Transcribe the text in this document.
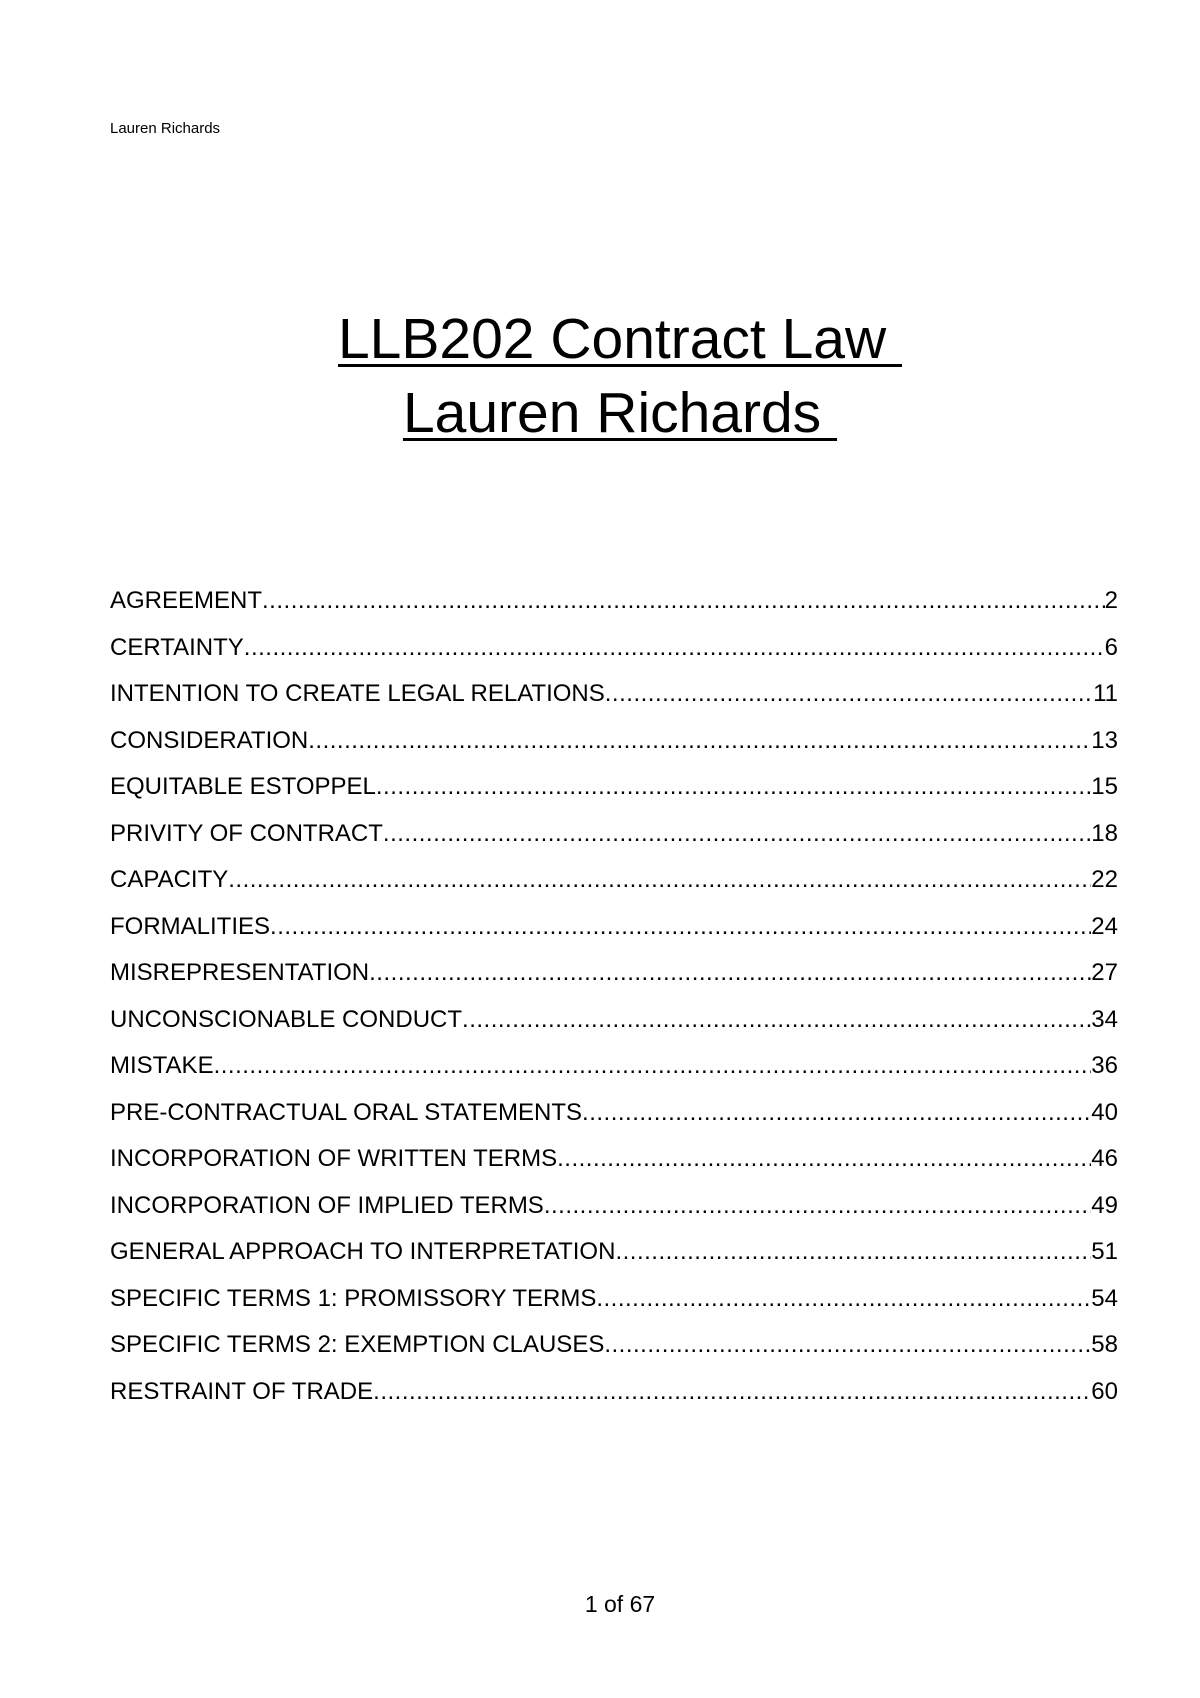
Lauren Richards
LLB202 Contract Law
Lauren Richards
AGREEMENT .....	2
CERTAINTY .....	6
INTENTION TO CREATE LEGAL RELATIONS .....	11
CONSIDERATION .....	13
EQUITABLE ESTOPPEL .....	15
PRIVITY OF CONTRACT .....	18
CAPACITY .....	22
FORMALITIES .....	24
MISREPRESENTATION .....	27
UNCONSCIONABLE CONDUCT .....	34
MISTAKE .....	36
PRE-CONTRACTUAL ORAL STATEMENTS .....	40
INCORPORATION OF WRITTEN TERMS .....	46
INCORPORATION OF IMPLIED TERMS .....	49
GENERAL APPROACH TO INTERPRETATION .....	51
SPECIFIC TERMS 1: PROMISSORY TERMS .....	54
SPECIFIC TERMS 2: EXEMPTION CLAUSES .....	58
RESTRAINT OF TRADE .....	60
1 of 67
